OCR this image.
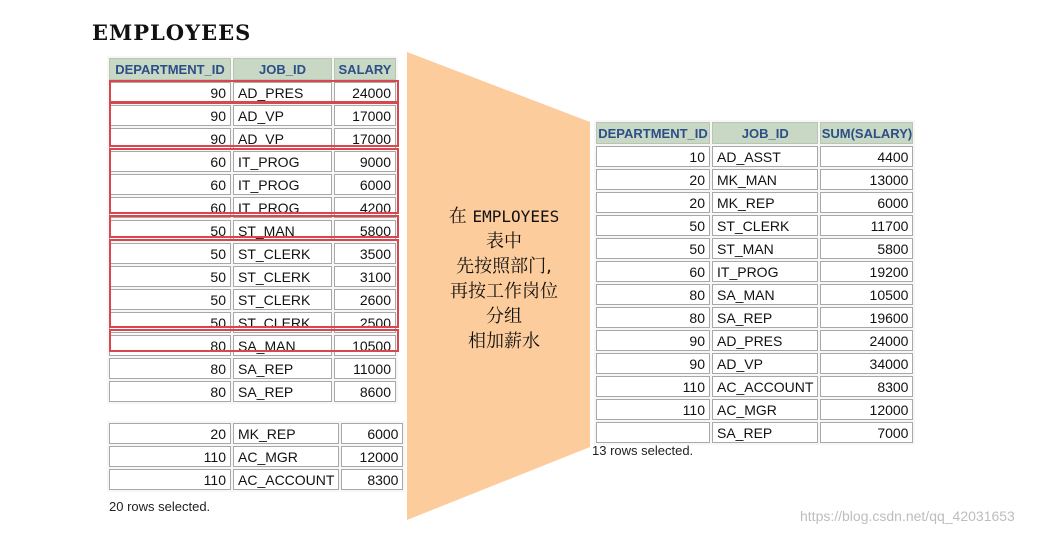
EMPLOYEES
DEPARTMENT_ID	JOB_ID	SALARY
90	AD_PRES	24000
90	AD_VP	17000
90	AD_VP	17000
60	IT_PROG	9000
60	IT_PROG	6000
60	IT_PROG	4200
50	ST_MAN	5800
50	ST_CLERK	3500
50	ST_CLERK	3100
50	ST_CLERK	2600
50	ST_CLERK	2500
80	SA_MAN	10500
80	SA_REP	11000
80	SA_REP	8600
20	MK_REP	6000
110	AC_MGR	12000
110	AC_ACCOUNT	8300
20 rows selected.
在 EMPLOYEES
表中
先按照部门,
再按工作岗位
分组
相加薪水
DEPARTMENT_ID	JOB_ID	SUM(SALARY)
10	AD_ASST	4400
20	MK_MAN	13000
20	MK_REP	6000
50	ST_CLERK	11700
50	ST_MAN	5800
60	IT_PROG	19200
80	SA_MAN	10500
80	SA_REP	19600
90	AD_PRES	24000
90	AD_VP	34000
110	AC_ACCOUNT	8300
110	AC_MGR	12000
	SA_REP	7000
13 rows selected.
https://blog.csdn.net/qq_42031653
